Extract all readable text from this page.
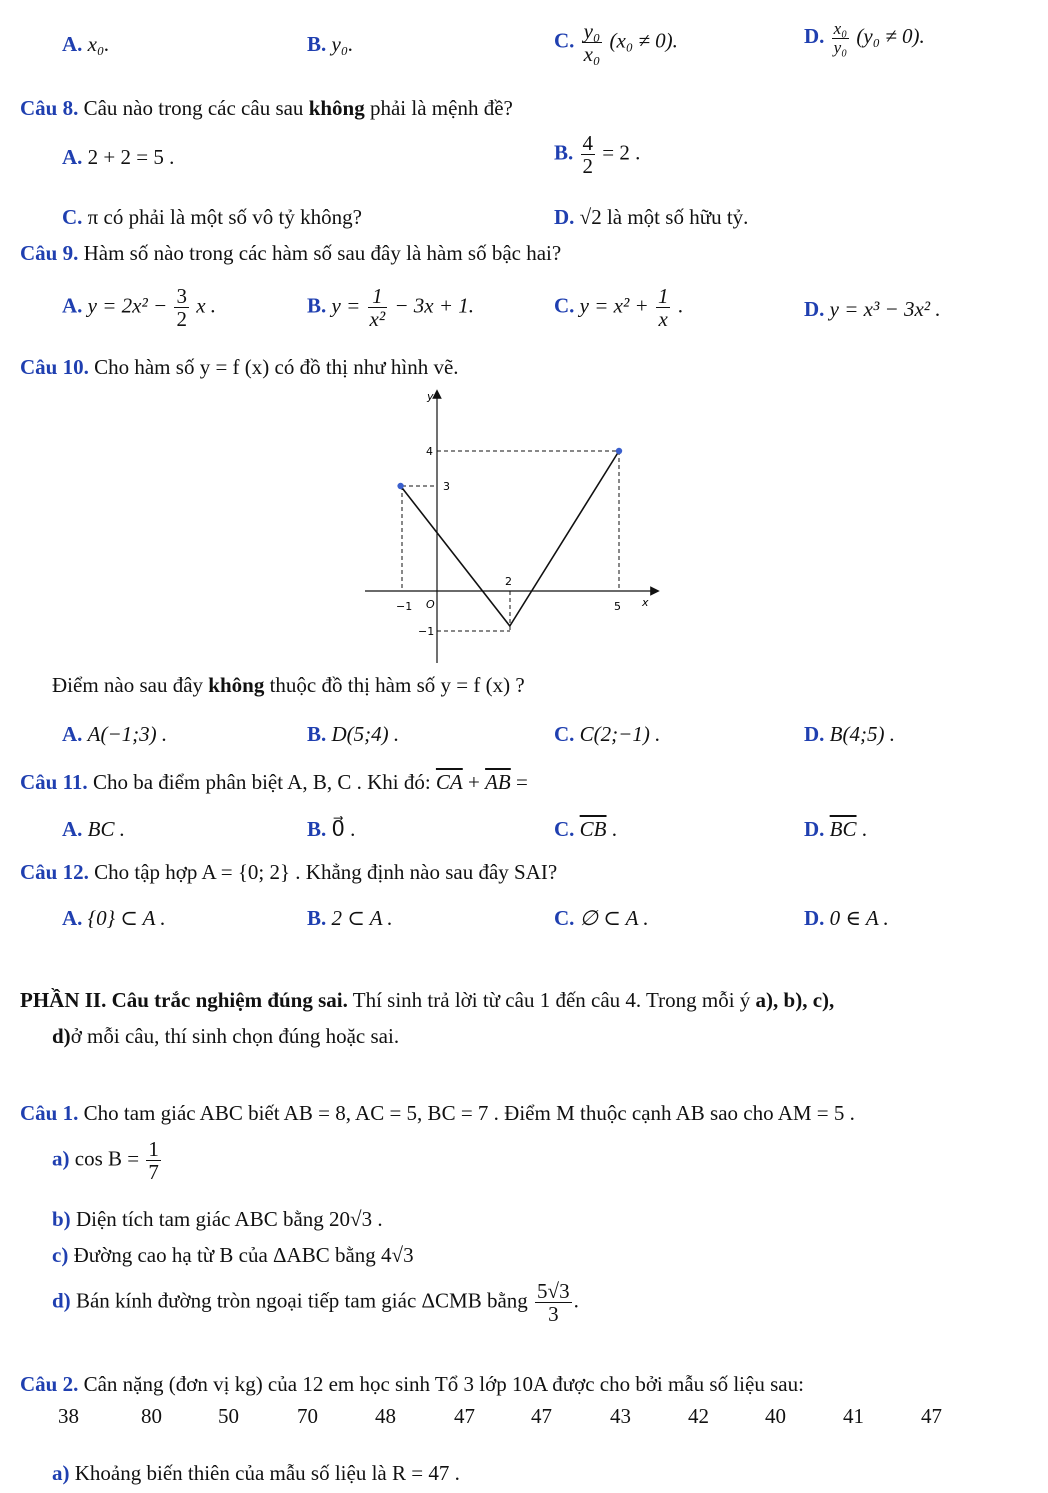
A. x₀.	B. y₀.	C. $\frac{\text{y₀}}{\text{x₀}} (x_0 \ne 0)$.	D. $\frac{\text{x₀}}{\text{y₀}} (y_0 \ne 0)$.
Câu 8. Câu nào trong các câu sau không phải là mệnh đề?
A. 2 + 2 = 5 .	B. $\frac{4}{2} = 2$ .
C. π có phải là một số vô tỷ không?	D. √2 là một số hữu tỷ.
Câu 9. Hàm số nào trong các hàm số sau đây là hàm số bậc hai?
A. $y = 2x^2 - \frac{3}{2}$ x .	B. $y = \frac{1}{\text{x²}} - 3x + 1$.	C. $y = x^2 + \frac{1}{x}$ .	D. y = x³ − 3x² .
Câu 10. Cho hàm số y = f (x) có đồ thị như hình vẽ.
y
x
O
4
3
2
5
−1
−1
Điểm nào sau đây không thuộc đồ thị hàm số y = f (x) ?
A. A(−1;3) .	B. D(5;4) .	C. C(2;−1) .	D. B(4;5) .
Câu 11. Cho ba điểm phân biệt A, B, C . Khi đó: $\overline{CA} + \overline{AB}$ =
A. BC .	B. 0⃗ .	C. $\overline{CB}$ .	D. $\overline{BC}$ .
Câu 12. Cho tập hợp A = {0; 2} . Khẳng định nào sau đây SAI?
A. {0} ⊂ A .	B. 2 ⊂ A .	C. ∅ ⊂ A .	D. 0 ∈ A .
PHẦN II. Câu trắc nghiệm đúng sai. Thí sinh trả lời từ câu 1 đến câu 4. Trong mỗi ý a), b), c),
d)ở mỗi câu, thí sinh chọn đúng hoặc sai.
Câu 1. Cho tam giác ABC biết AB = 8, AC = 5, BC = 7 . Điểm M thuộc cạnh AB sao cho AM = 5 .
a) $\cos B = \frac{1}{7}$
b) Diện tích tam giác ABC bằng 20√3 .
c) Đường cao hạ từ B của ΔABC bằng 4√3
d) Bán kính đường tròn ngoại tiếp tam giác ΔCMB bằng $\frac{5√3}{3}$ .
Câu 2. Cân nặng (đơn vị kg) của 12 em học sinh Tổ 3 lớp 10A được cho bởi mẫu số liệu sau:
38	80	50	70	48	47	47	43	42	40	41	47
a) Khoảng biến thiên của mẫu số liệu là R = 47 .
